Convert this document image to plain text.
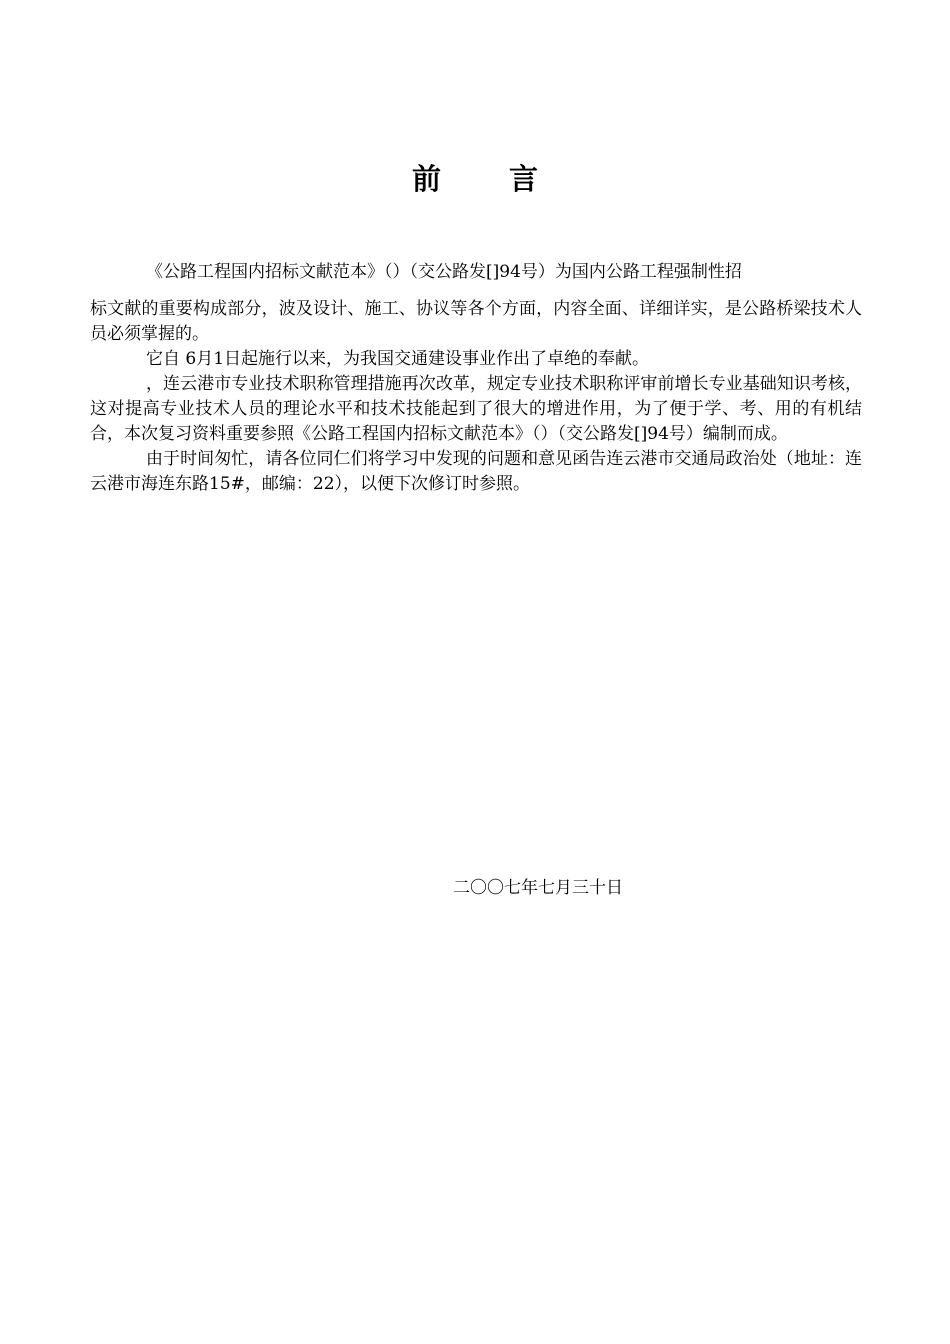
前 言

《公路工程国内招标文献范本》（）（交公路发[]94号）为国内公路工程强制性招

标文献的重要构成部分，波及设计、施工、协议等各个方面，内容全面、详细详实，是公路桥梁技术人员必须掌握的。

它自 6月1日起施行以来，为我国交通建设事业作出了卓绝的奉献。

，连云港市专业技术职称管理措施再次改革，规定专业技术职称评审前增长专业基础知识考核，这对提高专业技术人员的理论水平和技术技能起到了很大的增进作用，为了便于学、考、用的有机结合，本次复习资料重要参照《公路工程国内招标文献范本》（）（交公路发[]94号）编制而成。

由于时间匆忙，请各位同仁们将学习中发现的问题和意见函告连云港市交通局政治处（地址：连云港市海连东路15#，邮编：22），以便下次修订时参照。

二〇〇七年七月三十日
